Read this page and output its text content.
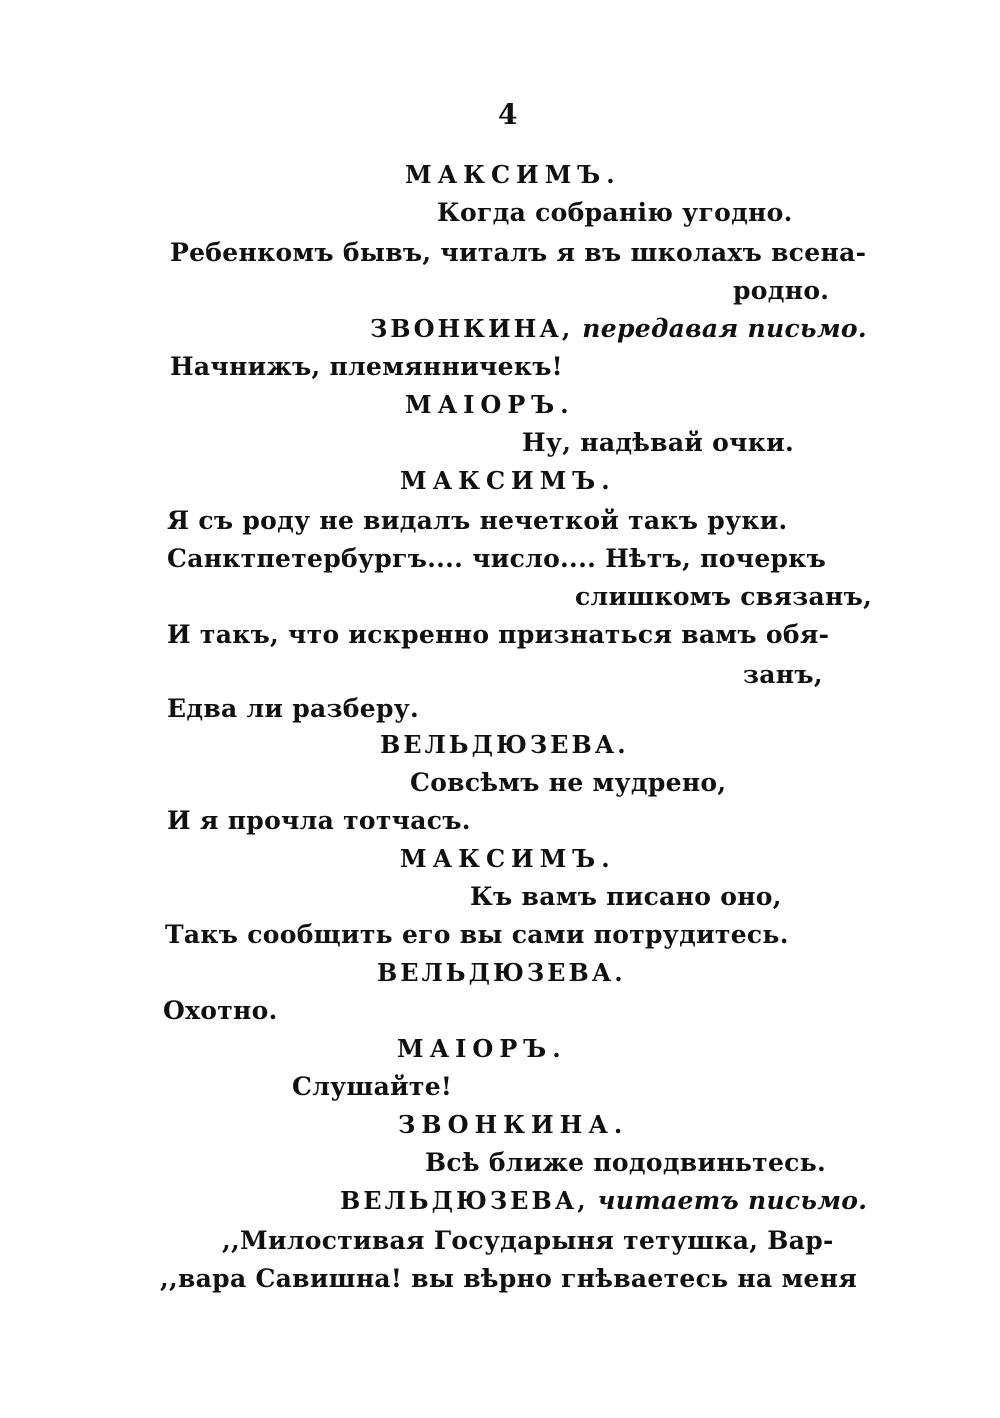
4
МАКСИМЪ.
Когда собранію угодно.
Ребенкомъ бывъ, читалъ я въ школахъ всена-
родно.
ЗВОНКИНА, передавая письмо.
Начнижъ, племянничекъ!
МАІОРЪ.
Ну, надѣвай очки.
МАКСИМЪ.
Я съ роду не видалъ нечеткой такъ руки.
Санктпетербургъ.... число.... Нѣтъ, почеркъ
слишкомъ связанъ,
И такъ, что искренно признаться вамъ обя-
занъ,
Едва ли разберу.
ВЕЛЬДЮЗЕВА.
Совсѣмъ не мудрено,
И я прочла тотчасъ.
МАКСИМЪ.
Къ вамъ писано оно,
Такъ сообщить его вы сами потрудитесь.
ВЕЛЬДЮЗЕВА.
Охотно.
МАІОРЪ.
Слушайте!
ЗВОНКИНА.
Всѣ ближе пододвиньтесь.
ВЕЛЬДЮЗЕВА, читаетъ письмо.
,,Милостивая Государыня тетушка, Вар-
,,вара Савишна! вы вѣрно гнѣваетесь на меня
